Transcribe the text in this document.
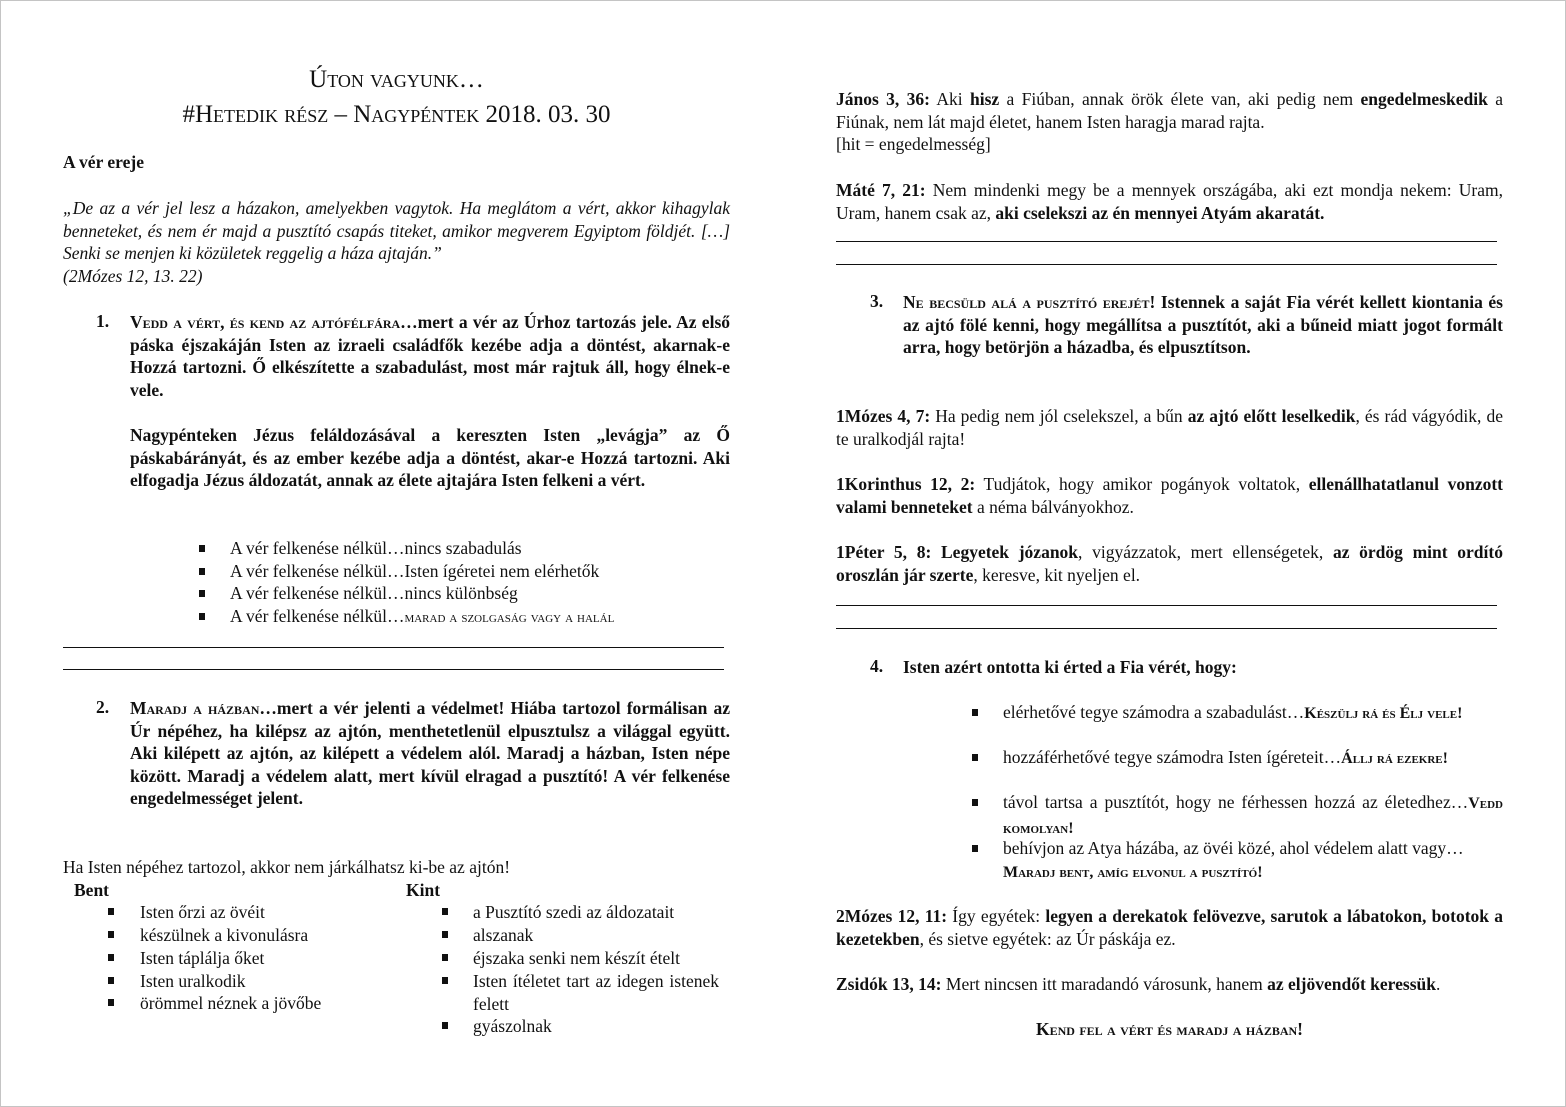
Úton vagyunk…
#Hetedik rész – Nagypéntek 2018. 03. 30
A vér ereje
„De az a vér jel lesz a házakon, amelyekben vagytok. Ha meglátom a vért, akkor kihagylak benneteket, és nem ér majd a pusztító csapás titeket, amikor megverem Egyiptom földjét. […] Senki se menjen ki közületek reggelig a háza ajtaján.”
(2Mózes 12, 13. 22)
1. Vedd a vért, és kend az ajtófélfára…mert a vér az Úrhoz tartozás jele. Az első páska éjszakáján Isten az izraeli családfők kezébe adja a döntést, akarnak-e Hozzá tartozni. Ő elkészítette a szabadulást, most már rajtuk áll, hogy élnek-e vele.
Nagypénteken Jézus feláldozásával a kereszten Isten „levágja” az Ő páskabárányát, és az ember kezébe adja a döntést, akar-e Hozzá tartozni. Aki elfogadja Jézus áldozatát, annak az élete ajtajára Isten felkeni a vért.
A vér felkenése nélkül…nincs szabadulás
A vér felkenése nélkül…Isten ígéretei nem elérhetők
A vér felkenése nélkül…nincs különbség
A vér felkenése nélkül…marad a szolgaság vagy a halál
2. Maradj a házban…mert a vér jelenti a védelmet! Hiába tartozol formálisan az Úr népéhez, ha kilépsz az ajtón, menthetetlenül elpusztulsz a világgal együtt. Aki kilépett az ajtón, az kilépett a védelem alól. Maradj a házban, Isten népe között. Maradj a védelem alatt, mert kívül elragad a pusztító! A vér felkenése engedelmességet jelent.
Ha Isten népéhez tartozol, akkor nem járkálhatsz ki-be az ajtón!
Bent
Isten őrzi az övéit
készülnek a kivonulásra
Isten táplálja őket
Isten uralkodik
örömmel néznek a jövőbe
Kint
a Pusztító szedi az áldozatait
alszanak
éjszaka senki nem készít ételt
Isten ítéletet tart az idegen istenek felett
gyászolnak
János 3, 36: Aki hisz a Fiúban, annak örök élete van, aki pedig nem engedelmeskedik a Fiúnak, nem lát majd életet, hanem Isten haragja marad rajta.
[hit = engedelmesség]
Máté 7, 21: Nem mindenki megy be a mennyek országába, aki ezt mondja nekem: Uram, Uram, hanem csak az, aki cselekszi az én mennyei Atyám akaratát.
3. Ne becsüld alá a pusztító erejét! Istennek a saját Fia vérét kellett kiontania és az ajtó fölé kenni, hogy megállítsa a pusztítót, aki a bűneid miatt jogot formált arra, hogy betörjön a házadba, és elpusztítson.
1Mózes 4, 7: Ha pedig nem jól cselekszel, a bűn az ajtó előtt leselkedik, és rád vágyódik, de te uralkodjál rajta!
1Korinthus 12, 2: Tudjátok, hogy amikor pogányok voltatok, ellenállhatatlanul vonzott valami benneteket a néma bálványokhoz.
1Péter 5, 8: Legyetek józanok, vigyázzatok, mert ellenségetek, az ördög mint ordító oroszlán jár szerte, keresve, kit nyeljen el.
4. Isten azért ontotta ki érted a Fia vérét, hogy:
elérhetővé tegye számodra a szabadulást…Készülj rá és Élj vele!
hozzáférhetővé tegye számodra Isten ígéreteit…Állj rá ezekre!
távol tartsa a pusztítót, hogy ne férhessen hozzá az életedhez…Vedd komolyan!
behívjon az Atya házába, az övéi közé, ahol védelem alatt vagy…Maradj bent, amíg elvonul a pusztító!
2Mózes 12, 11: Így egyétek: legyen a derekatok felövezve, sarutok a lábatokon, bototok a kezetekben, és sietve egyétek: az Úr páskája ez.
Zsidók 13, 14: Mert nincsen itt maradandó városunk, hanem az eljövendőt keressük.
Kend fel a vért és maradj a házban!
